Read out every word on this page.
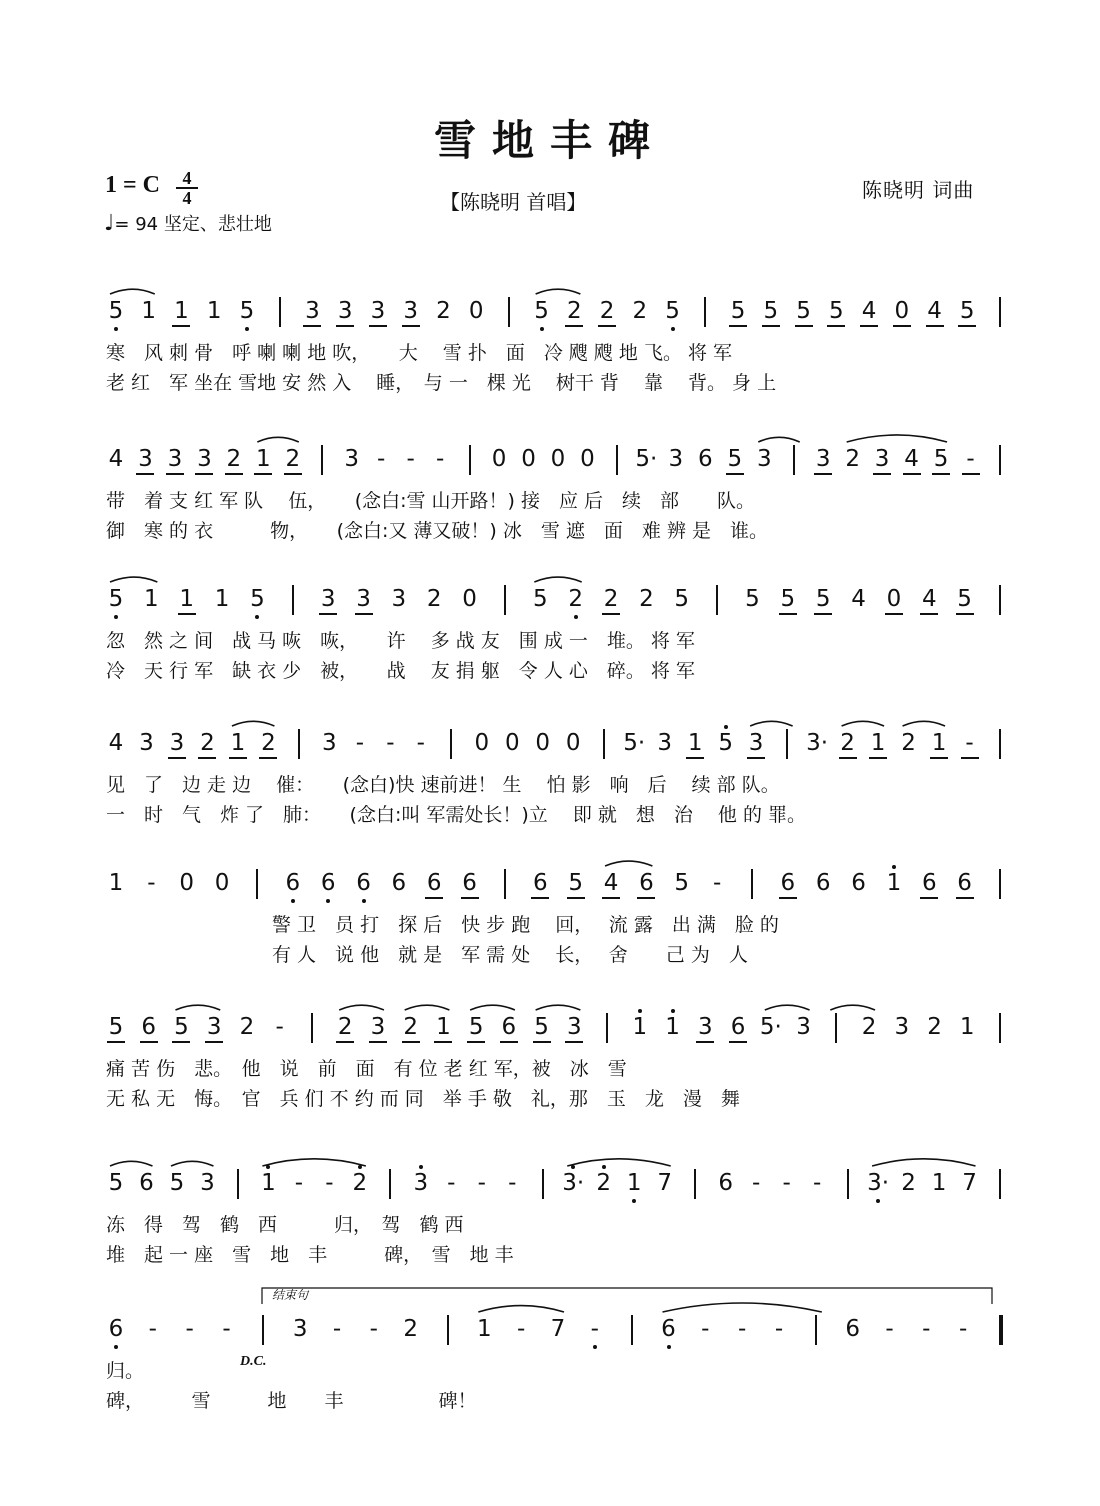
雪地丰碑
1 = C	4
4
♩= 94 坚定、悲壮地
【陈晓明 首唱】	陈晓明 词曲
5 1 1 1 5 3 3 3 3 2 0 5 2 2 2 5 5 5 5 5 4 0 4 5
寒　风 刺 骨　呼 喇 喇 地 吹，　　大　 雪 扑　面　冷 飕 飕 地 飞。 将 军
老 红　军 坐在 雪地 安 然 入　 睡，　与 一　棵 光　 树干 背　 靠　 背。 身 上
4 3 3 3 2 1 2 3 - - -	0 0 0 0 5· 3 6 5 3 3 2 3 4 5 -
带　着 支 红 军 队　 伍，　　(念白:雪 山开路！) 接　应 后　续　部　　队。
御　寒 的 衣　　　物，　　(念白:又 薄又破！) 冰　雪 遮　面　难 辨 是　谁。
5 1 1 1 5 3 3 3 2 0 5 2 2 2 5 5 5 5 4 0 4 5
忽　然 之 间　战 马 咴　咴，　　许　 多 战 友　围 成 一　堆。 将 军
冷　天 行 军　缺 衣 少　被，　　战　 友 捐 躯　令 人 心　碎。 将 军
4 3 3 2 1 2 3 - - -	0 0 0 0 5· 3 1 5 3 3· 2 1 2 1 -
见　了　边 走 边　 催：　　(念白)快 速前进！ 生　 怕 影　响　后　 续 部 队。
一　时　气　炸 了　肺：　　(念白:叫 军需处长！)立　 即 就　想　治　 他 的 罪。
1	-	0 0 6 6 6 6 6 6 6 5 4 6 5	-	6 6 6 1 6 6
警 卫　员 打　探 后　快 步 跑　 回，　 流 露　出 满　脸 的
有 人　说 他　就 是　军 需 处　 长，　 舍　　己 为　人
5 6 5 3 2 -	2 3 2 1 5 6 5 3 1 1 3 6 5· 3 2 3 2 1
痛 苦 伤　悲。　他　说　前　面　有 位 老 红 军，被　冰　雪
无 私 无　悔。　官　兵 们 不 约 而 同　举 手 敬　礼，那　玉　龙　漫　舞
5 6 5 3 1 - - 2 3 - - -	3· 2 1 7 6 - - -	3· 2 1 7
冻　得　驾　鹤　西　　　归，　驾　鹤 西
堆　起 一 座　雪　地　丰　　　碑，　雪　地 丰
6	-	-	-	3	-	-	2	1	-	7	-	6	-	-	-	6	-	-	-
归。
碑，　　　雪　　　地　　丰　　　　　碑！
结束句
D.C.
